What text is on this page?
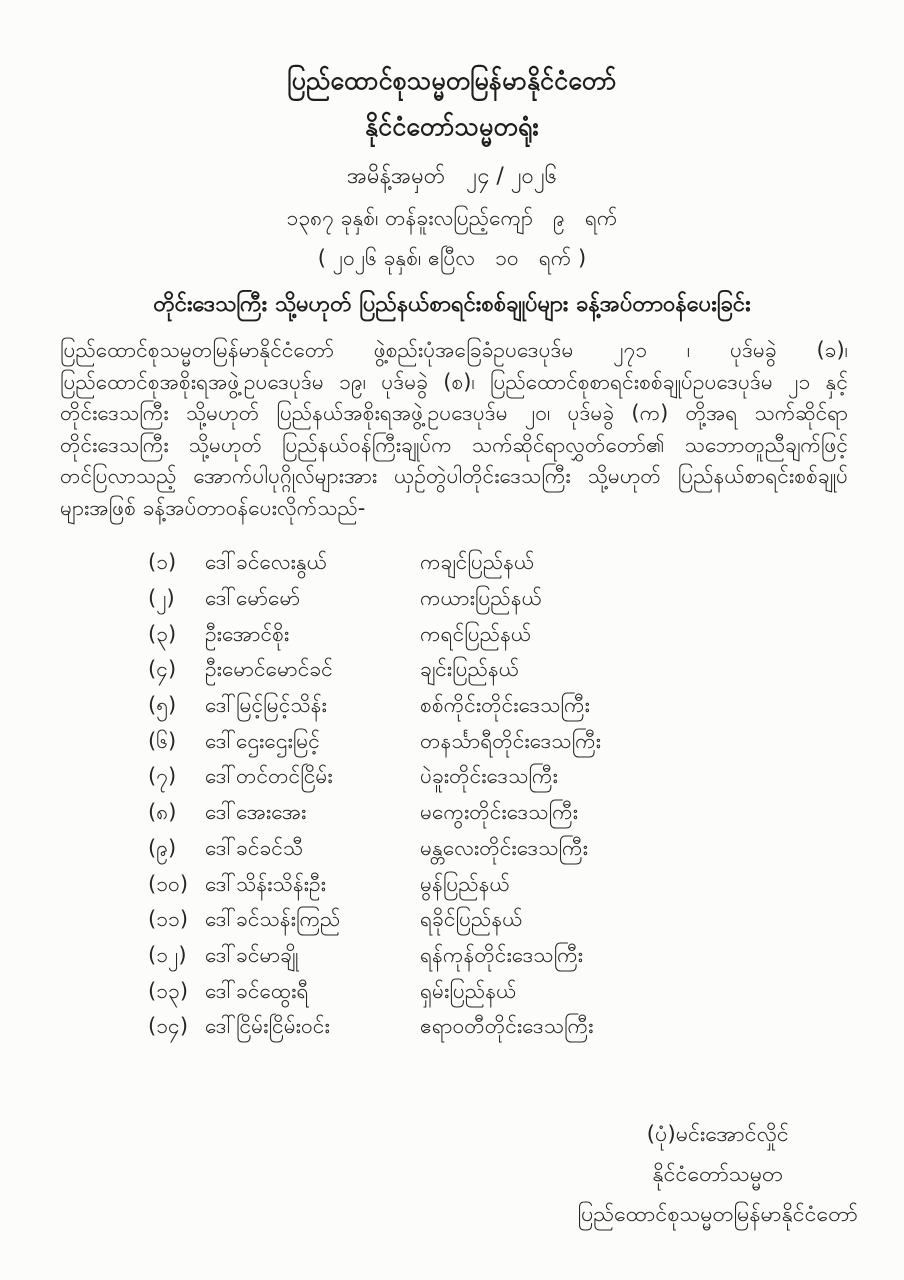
ပြည်ထောင်စုသမ္မတမြန်မာနိုင်ငံတော်
နိုင်ငံတော်သမ္မတရုံး
အမိန့်အမှတ်   ၂၄ / ၂၀၂၆
၁၃၈၇ ခုနှစ်၊ တန်ခူးလပြည့်ကျော်   ၉   ရက်
( ၂၀၂၆ ခုနှစ်၊ ဧပြီလ   ၁၀   ရက် )
တိုင်းဒေသကြီး သို့မဟုတ် ပြည်နယ်စာရင်းစစ်ချုပ်များ ခန့်အပ်တာဝန်ပေးခြင်း
ပြည်ထောင်စုသမ္မတမြန်မာနိုင်ငံတော် ဖွဲ့စည်းပုံအခြေခံဥပဒေပုဒ်မ ၂၇၁ ၊ ပုဒ်မခွဲ (ခ)၊
ပြည်ထောင်စုအစိုးရအဖွဲ့ဥပဒေပုဒ်မ ၁၉၊ ပုဒ်မခွဲ (စ)၊ ပြည်ထောင်စုစာရင်းစစ်ချုပ်ဥပဒေပုဒ်မ ၂၁ နှင့်
တိုင်းဒေသကြီး သို့မဟုတ် ပြည်နယ်အစိုးရအဖွဲ့ဥပဒေပုဒ်မ ၂၀၊ ပုဒ်မခွဲ (က) တို့အရ သက်ဆိုင်ရာ
တိုင်းဒေသကြီး သို့မဟုတ် ပြည်နယ်ဝန်ကြီးချုပ်က သက်ဆိုင်ရာလွှတ်တော်၏ သဘောတူညီချက်ဖြင့်
တင်ပြလာသည့် အောက်ပါပုဂ္ဂိုလ်များအား ယှဉ်တွဲပါတိုင်းဒေသကြီး သို့မဟုတ် ပြည်နယ်စာရင်းစစ်ချုပ်
များအဖြစ် ခန့်အပ်တာဝန်ပေးလိုက်သည်-
(၁)	ဒေါ်ခင်လေးနွယ်	ကချင်ပြည်နယ်
(၂)	ဒေါ်မော်မော်	ကယားပြည်နယ်
(၃)	ဦးအောင်စိုး	ကရင်ပြည်နယ်
(၄)	ဦးမောင်မောင်ခင်	ချင်းပြည်နယ်
(၅)	ဒေါ်မြင့်မြင့်သိန်း	စစ်ကိုင်းတိုင်းဒေသကြီး
(၆)	ဒေါ်ဌေးဌေးမြင့်	တနင်္သာရီတိုင်းဒေသကြီး
(၇)	ဒေါ်တင်တင်ငြိမ်း	ပဲခူးတိုင်းဒေသကြီး
(၈)	ဒေါ်အေးအေး	မကွေးတိုင်းဒေသကြီး
(၉)	ဒေါ်ခင်ခင်သီ	မန္တလေးတိုင်းဒေသကြီး
(၁၀) ဒေါ်သိန်းသိန်းဦး	မွန်ပြည်နယ်
(၁၁) ဒေါ်ခင်သန်းကြည်	ရခိုင်ပြည်နယ်
(၁၂) ဒေါ်ခင်မာချို	ရန်ကုန်တိုင်းဒေသကြီး
(၁၃) ဒေါ်ခင်ထွေးရီ	ရှမ်းပြည်နယ်
(၁၄) ဒေါ်ငြိမ်းငြိမ်းဝင်း	ဧရာဝတီတိုင်းဒေသကြီး
(ပုံ)မင်းအောင်လှိုင်
နိုင်ငံတော်သမ္မတ
ပြည်ထောင်စုသမ္မတမြန်မာနိုင်ငံတော်
